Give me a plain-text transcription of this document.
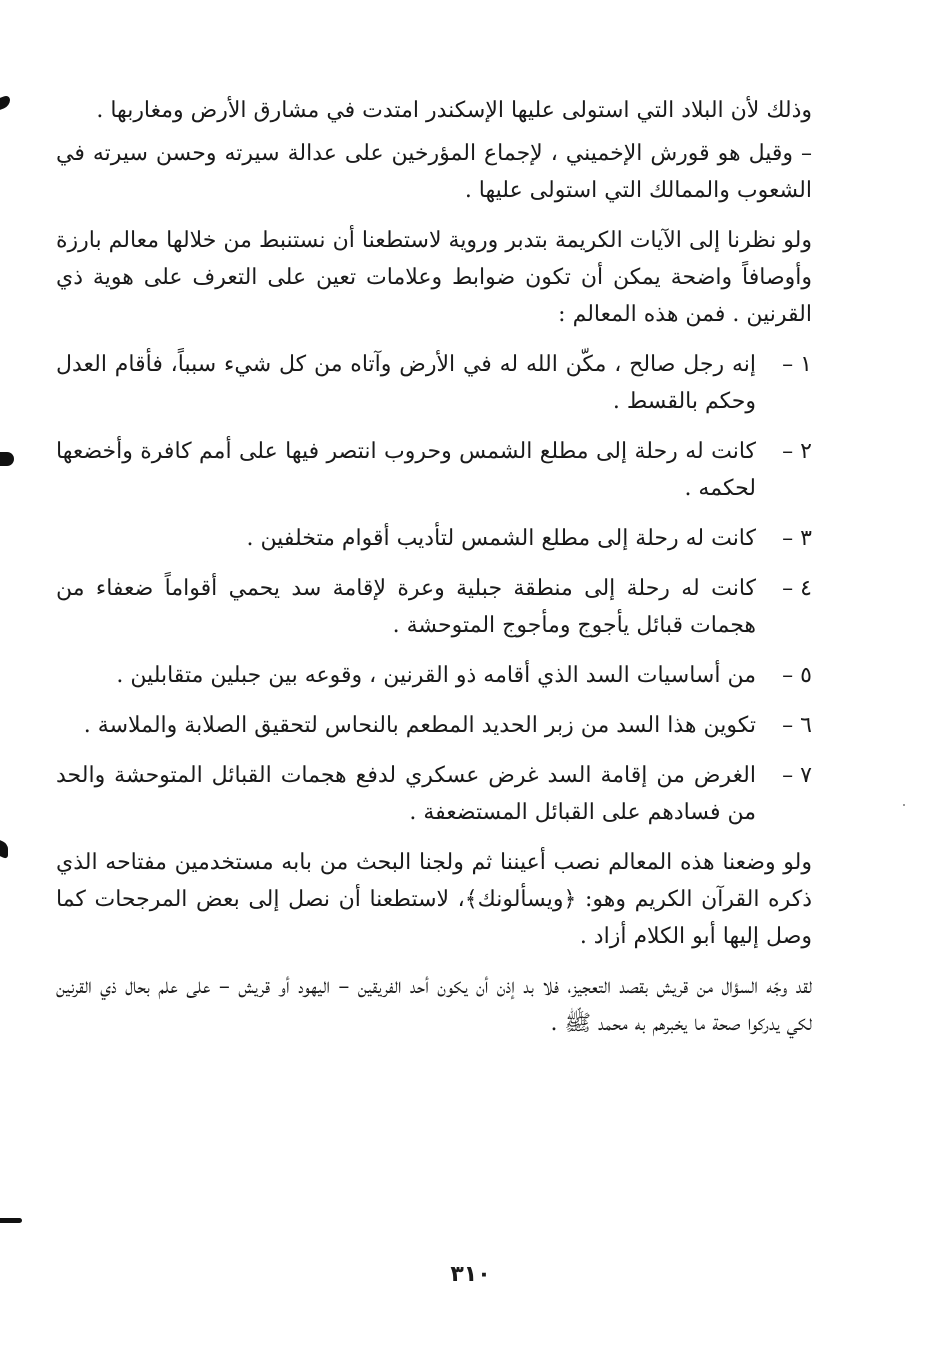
وذلك لأن البلاد التي استولى عليها الإسكندر امتدت في مشارق الأرض ومغاربها .

– وقيل هو قورش الإخميني ، لإجماع المؤرخين على عدالة سيرته وحسن سيرته في الشعوب والممالك التي استولى عليها .

ولو نظرنا إلى الآيات الكريمة بتدبر وروية لاستطعنا أن نستنبط من خلالها معالم بارزة وأوصافاً واضحة يمكن أن تكون ضوابط وعلامات تعين على التعرف على هوية ذي القرنين . فمن هذه المعالم :

١ –
إنه رجل صالح ، مكّن الله له في الأرض وآتاه من كل شيء سبباً، فأقام العدل وحكم بالقسط .
٢ –
كانت له رحلة إلى مطلع الشمس وحروب انتصر فيها على أمم كافرة وأخضعها لحكمه .
٣ –
كانت له رحلة إلى مطلع الشمس لتأديب أقوام متخلفين .
٤ –
كانت له رحلة إلى منطقة جبلية وعرة لإقامة سد يحمي أقواماً ضعفاء من هجمات قبائل يأجوج ومأجوج المتوحشة .
٥ –
من أساسيات السد الذي أقامه ذو القرنين ، وقوعه بين جبلين متقابلين .
٦ –
تكوين هذا السد من زبر الحديد المطعم بالنحاس لتحقيق الصلابة والملاسة .
٧ –
الغرض من إقامة السد غرض عسكري لدفع هجمات القبائل المتوحشة والحد من فسادهم على القبائل المستضعفة .

ولو وضعنا هذه المعالم نصب أعيننا ثم ولجنا البحث من بابه مستخدمين مفتاحه الذي ذكره القرآن الكريم وهو: ﴿ويسألونك﴾، لاستطعنا أن نصل إلى بعض المرجحات كما وصل إليها أبو الكلام أزاد .

لقد وجّه السؤال من قريش بقصد التعجيز، فلا بد إذن أن يكون أحد الفريقين – اليهود أو قريش – على علم بحال ذي القرنين لكي يدركوا صحة ما يخبرهم به محمد ﷺ .

٣١٠
